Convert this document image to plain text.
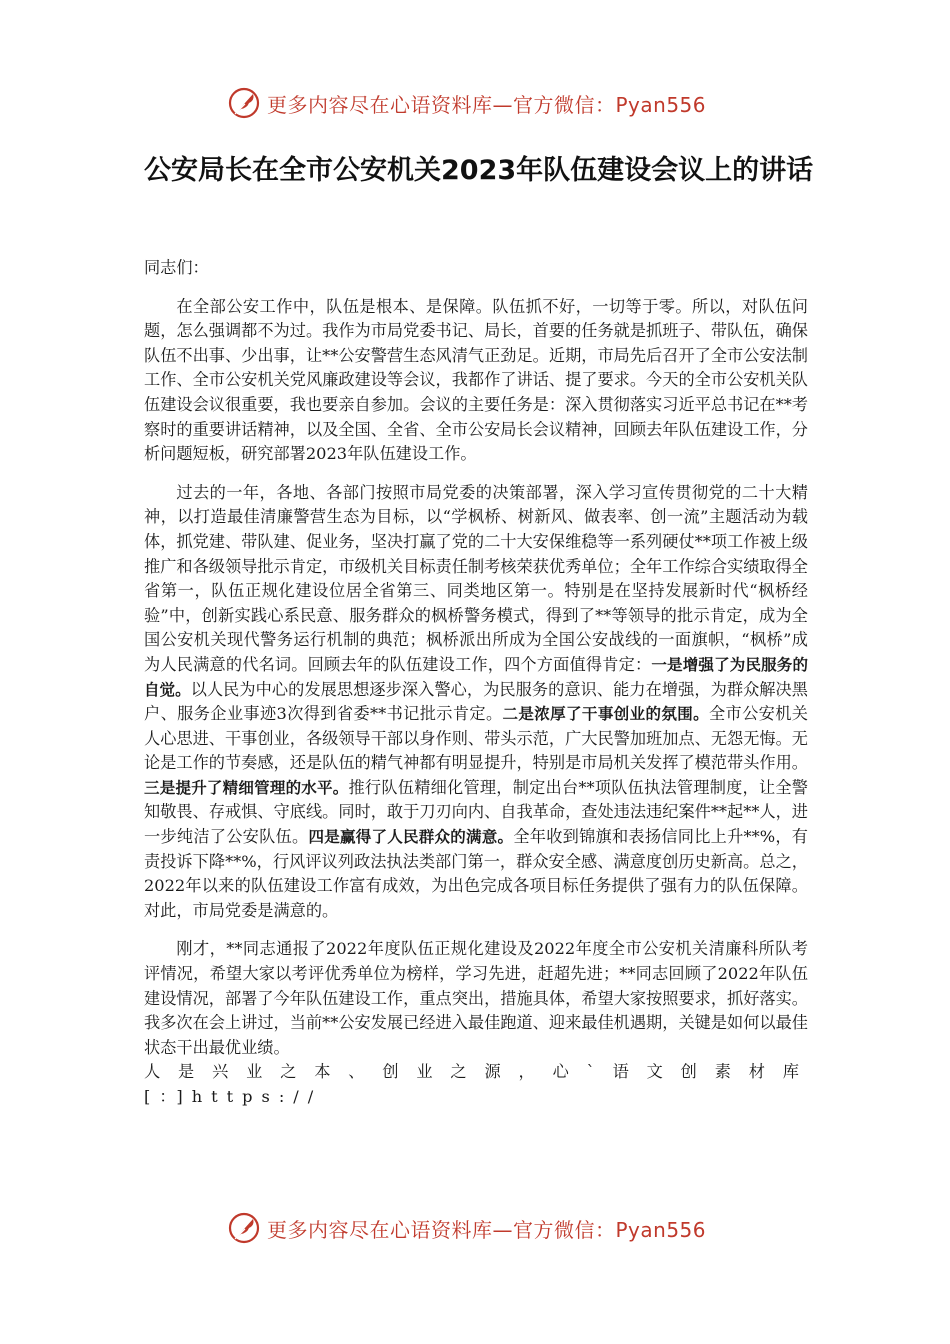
更多内容尽在心语资料库—官方微信：Pyan556
公安局长在全市公安机关2023年队伍建设会议上的讲话

同志们：

在全部公安工作中，队伍是根本、是保障。队伍抓不好，一切等于零。所以，对队伍问题，怎么强调都不为过。我作为市局党委书记、局长，首要的任务就是抓班子、带队伍，确保队伍不出事、少出事，让**公安警营生态风清气正劲足。近期，市局先后召开了全市公安法制工作、全市公安机关党风廉政建设等会议，我都作了讲话、提了要求。今天的全市公安机关队伍建设会议很重要，我也要亲自参加。会议的主要任务是：深入贯彻落实习近平总书记在**考察时的重要讲话精神，以及全国、全省、全市公安局长会议精神，回顾去年队伍建设工作，分析问题短板，研究部署2023年队伍建设工作。

过去的一年，各地、各部门按照市局党委的决策部署，深入学习宣传贯彻党的二十大精神，以打造最佳清廉警营生态为目标，以“学枫桥、树新风、做表率、创一流”主题活动为载体，抓党建、带队建、促业务，坚决打赢了党的二十大安保维稳等一系列硬仗**项工作被上级推广和各级领导批示肯定，市级机关目标责任制考核荣获优秀单位；全年工作综合实绩取得全省第一，队伍正规化建设位居全省第三、同类地区第一。特别是在坚持发展新时代“枫桥经验”中，创新实践心系民意、服务群众的枫桥警务模式，得到了**等领导的批示肯定，成为全国公安机关现代警务运行机制的典范；枫桥派出所成为全国公安战线的一面旗帜，“枫桥”成为人民满意的代名词。回顾去年的队伍建设工作，四个方面值得肯定：一是增强了为民服务的自觉。以人民为中心的发展思想逐步深入警心，为民服务的意识、能力在增强，为群众解决黑户、服务企业事迹3次得到省委**书记批示肯定。二是浓厚了干事创业的氛围。全市公安机关人心思进、干事创业，各级领导干部以身作则、带头示范，广大民警加班加点、无怨无悔。无论是工作的节奏感，还是队伍的精气神都有明显提升，特别是市局机关发挥了模范带头作用。三是提升了精细管理的水平。推行队伍精细化管理，制定出台**项队伍执法管理制度，让全警知敬畏、存戒惧、守底线。同时，敢于刀刃向内、自我革命，查处违法违纪案件**起**人，进一步纯洁了公安队伍。四是赢得了人民群众的满意。全年收到锦旗和表扬信同比上升**%，有责投诉下降**%，行风评议列政法执法类部门第一，群众安全感、满意度创历史新高。总之，2022年以来的队伍建设工作富有成效，为出色完成各项目标任务提供了强有力的队伍保障。对此，市局党委是满意的。

刚才，**同志通报了2022年度队伍正规化建设及2022年度全市公安机关清廉科所队考评情况，希望大家以考评优秀单位为榜样，学习先进，赶超先进；**同志回顾了2022年队伍建设情况，部署了今年队伍建设工作，重点突出，措施具体，希望大家按照要求，抓好落实。我多次在会上讲过，当前**公安发展已经进入最佳跑道、迎来最佳机遇期，关键是如何以最佳状态干出最优业绩。

人是兴业之本、创业之源，心`语文创素材库[：]https://

更多内容尽在心语资料库—官方微信：Pyan556
